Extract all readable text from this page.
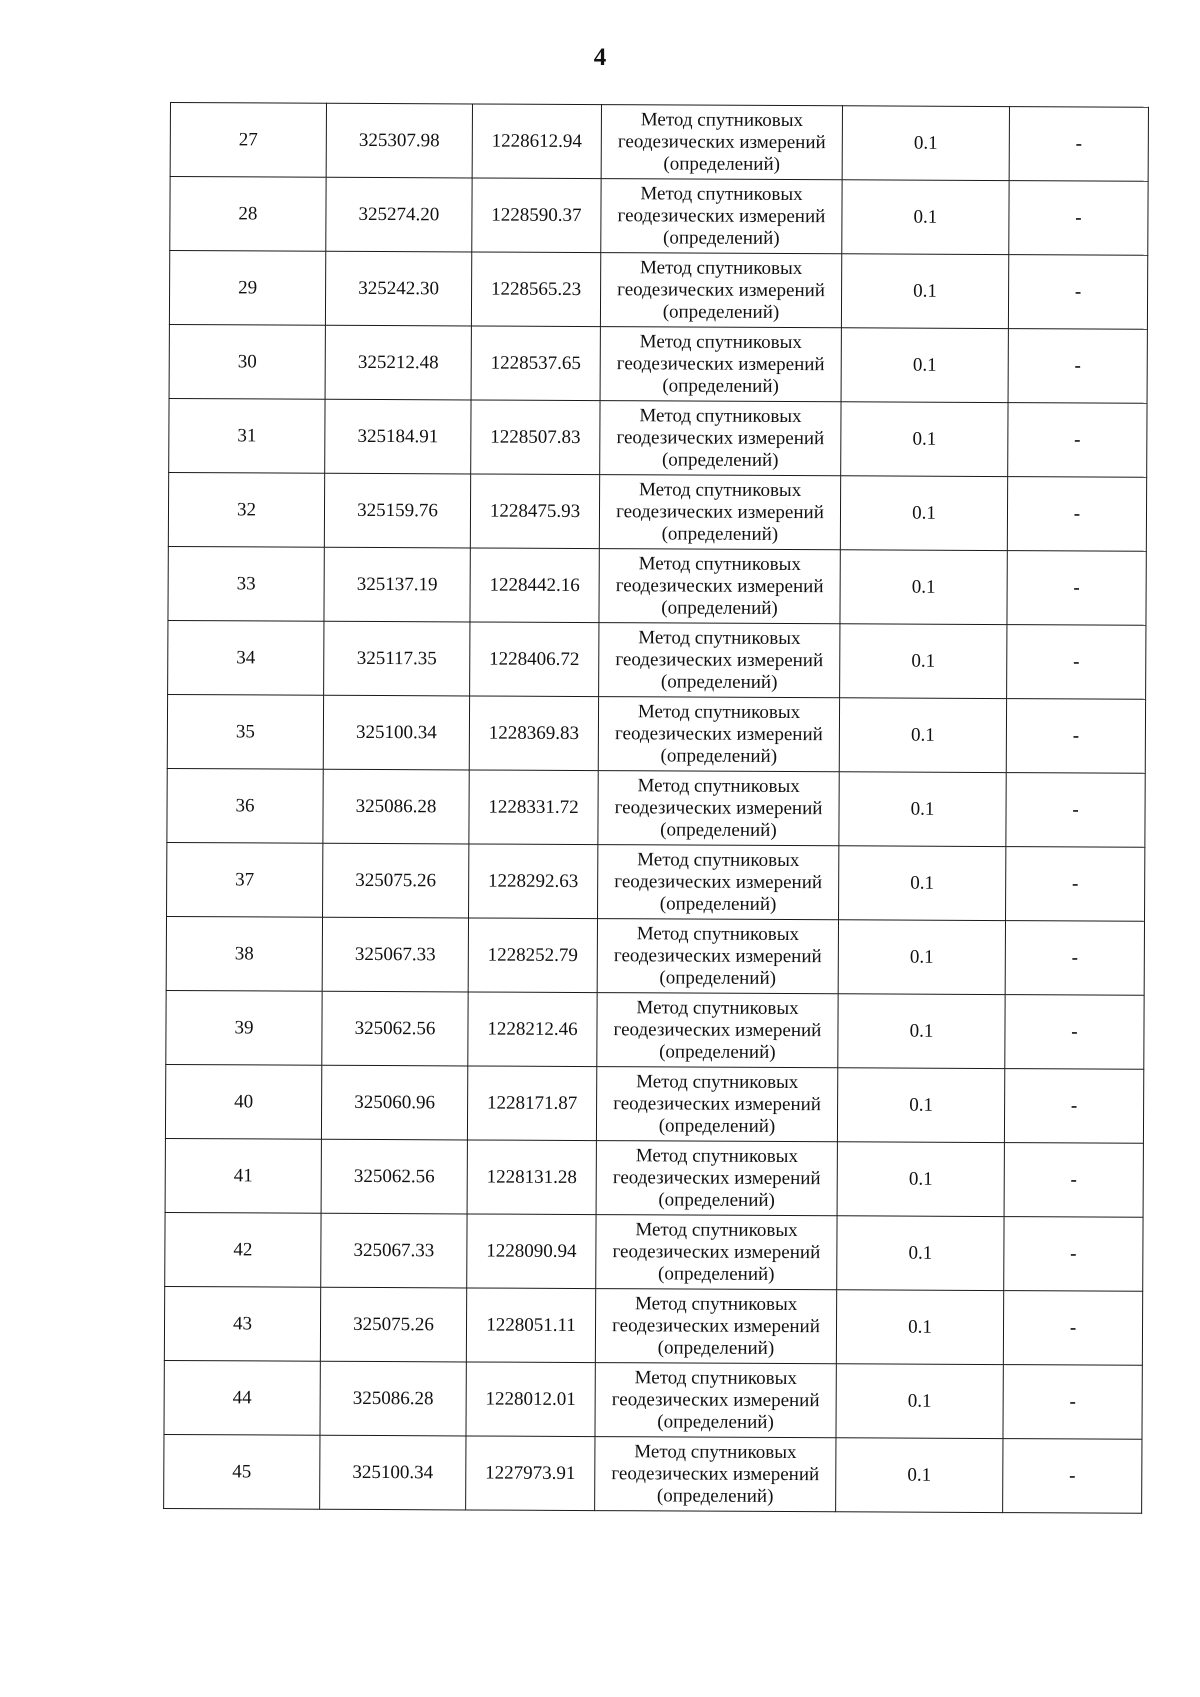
4
27	325307.98	1228612.94	Метод спутниковых
геодезических измерений
(определений)	0.1	-
28	325274.20	1228590.37	Метод спутниковых
геодезических измерений
(определений)	0.1	-
29	325242.30	1228565.23	Метод спутниковых
геодезических измерений
(определений)	0.1	-
30	325212.48	1228537.65	Метод спутниковых
геодезических измерений
(определений)	0.1	-
31	325184.91	1228507.83	Метод спутниковых
геодезических измерений
(определений)	0.1	-
32	325159.76	1228475.93	Метод спутниковых
геодезических измерений
(определений)	0.1	-
33	325137.19	1228442.16	Метод спутниковых
геодезических измерений
(определений)	0.1	-
34	325117.35	1228406.72	Метод спутниковых
геодезических измерений
(определений)	0.1	-
35	325100.34	1228369.83	Метод спутниковых
геодезических измерений
(определений)	0.1	-
36	325086.28	1228331.72	Метод спутниковых
геодезических измерений
(определений)	0.1	-
37	325075.26	1228292.63	Метод спутниковых
геодезических измерений
(определений)	0.1	-
38	325067.33	1228252.79	Метод спутниковых
геодезических измерений
(определений)	0.1	-
39	325062.56	1228212.46	Метод спутниковых
геодезических измерений
(определений)	0.1	-
40	325060.96	1228171.87	Метод спутниковых
геодезических измерений
(определений)	0.1	-
41	325062.56	1228131.28	Метод спутниковых
геодезических измерений
(определений)	0.1	-
42	325067.33	1228090.94	Метод спутниковых
геодезических измерений
(определений)	0.1	-
43	325075.26	1228051.11	Метод спутниковых
геодезических измерений
(определений)	0.1	-
44	325086.28	1228012.01	Метод спутниковых
геодезических измерений
(определений)	0.1	-
45	325100.34	1227973.91	Метод спутниковых
геодезических измерений
(определений)	0.1	-
